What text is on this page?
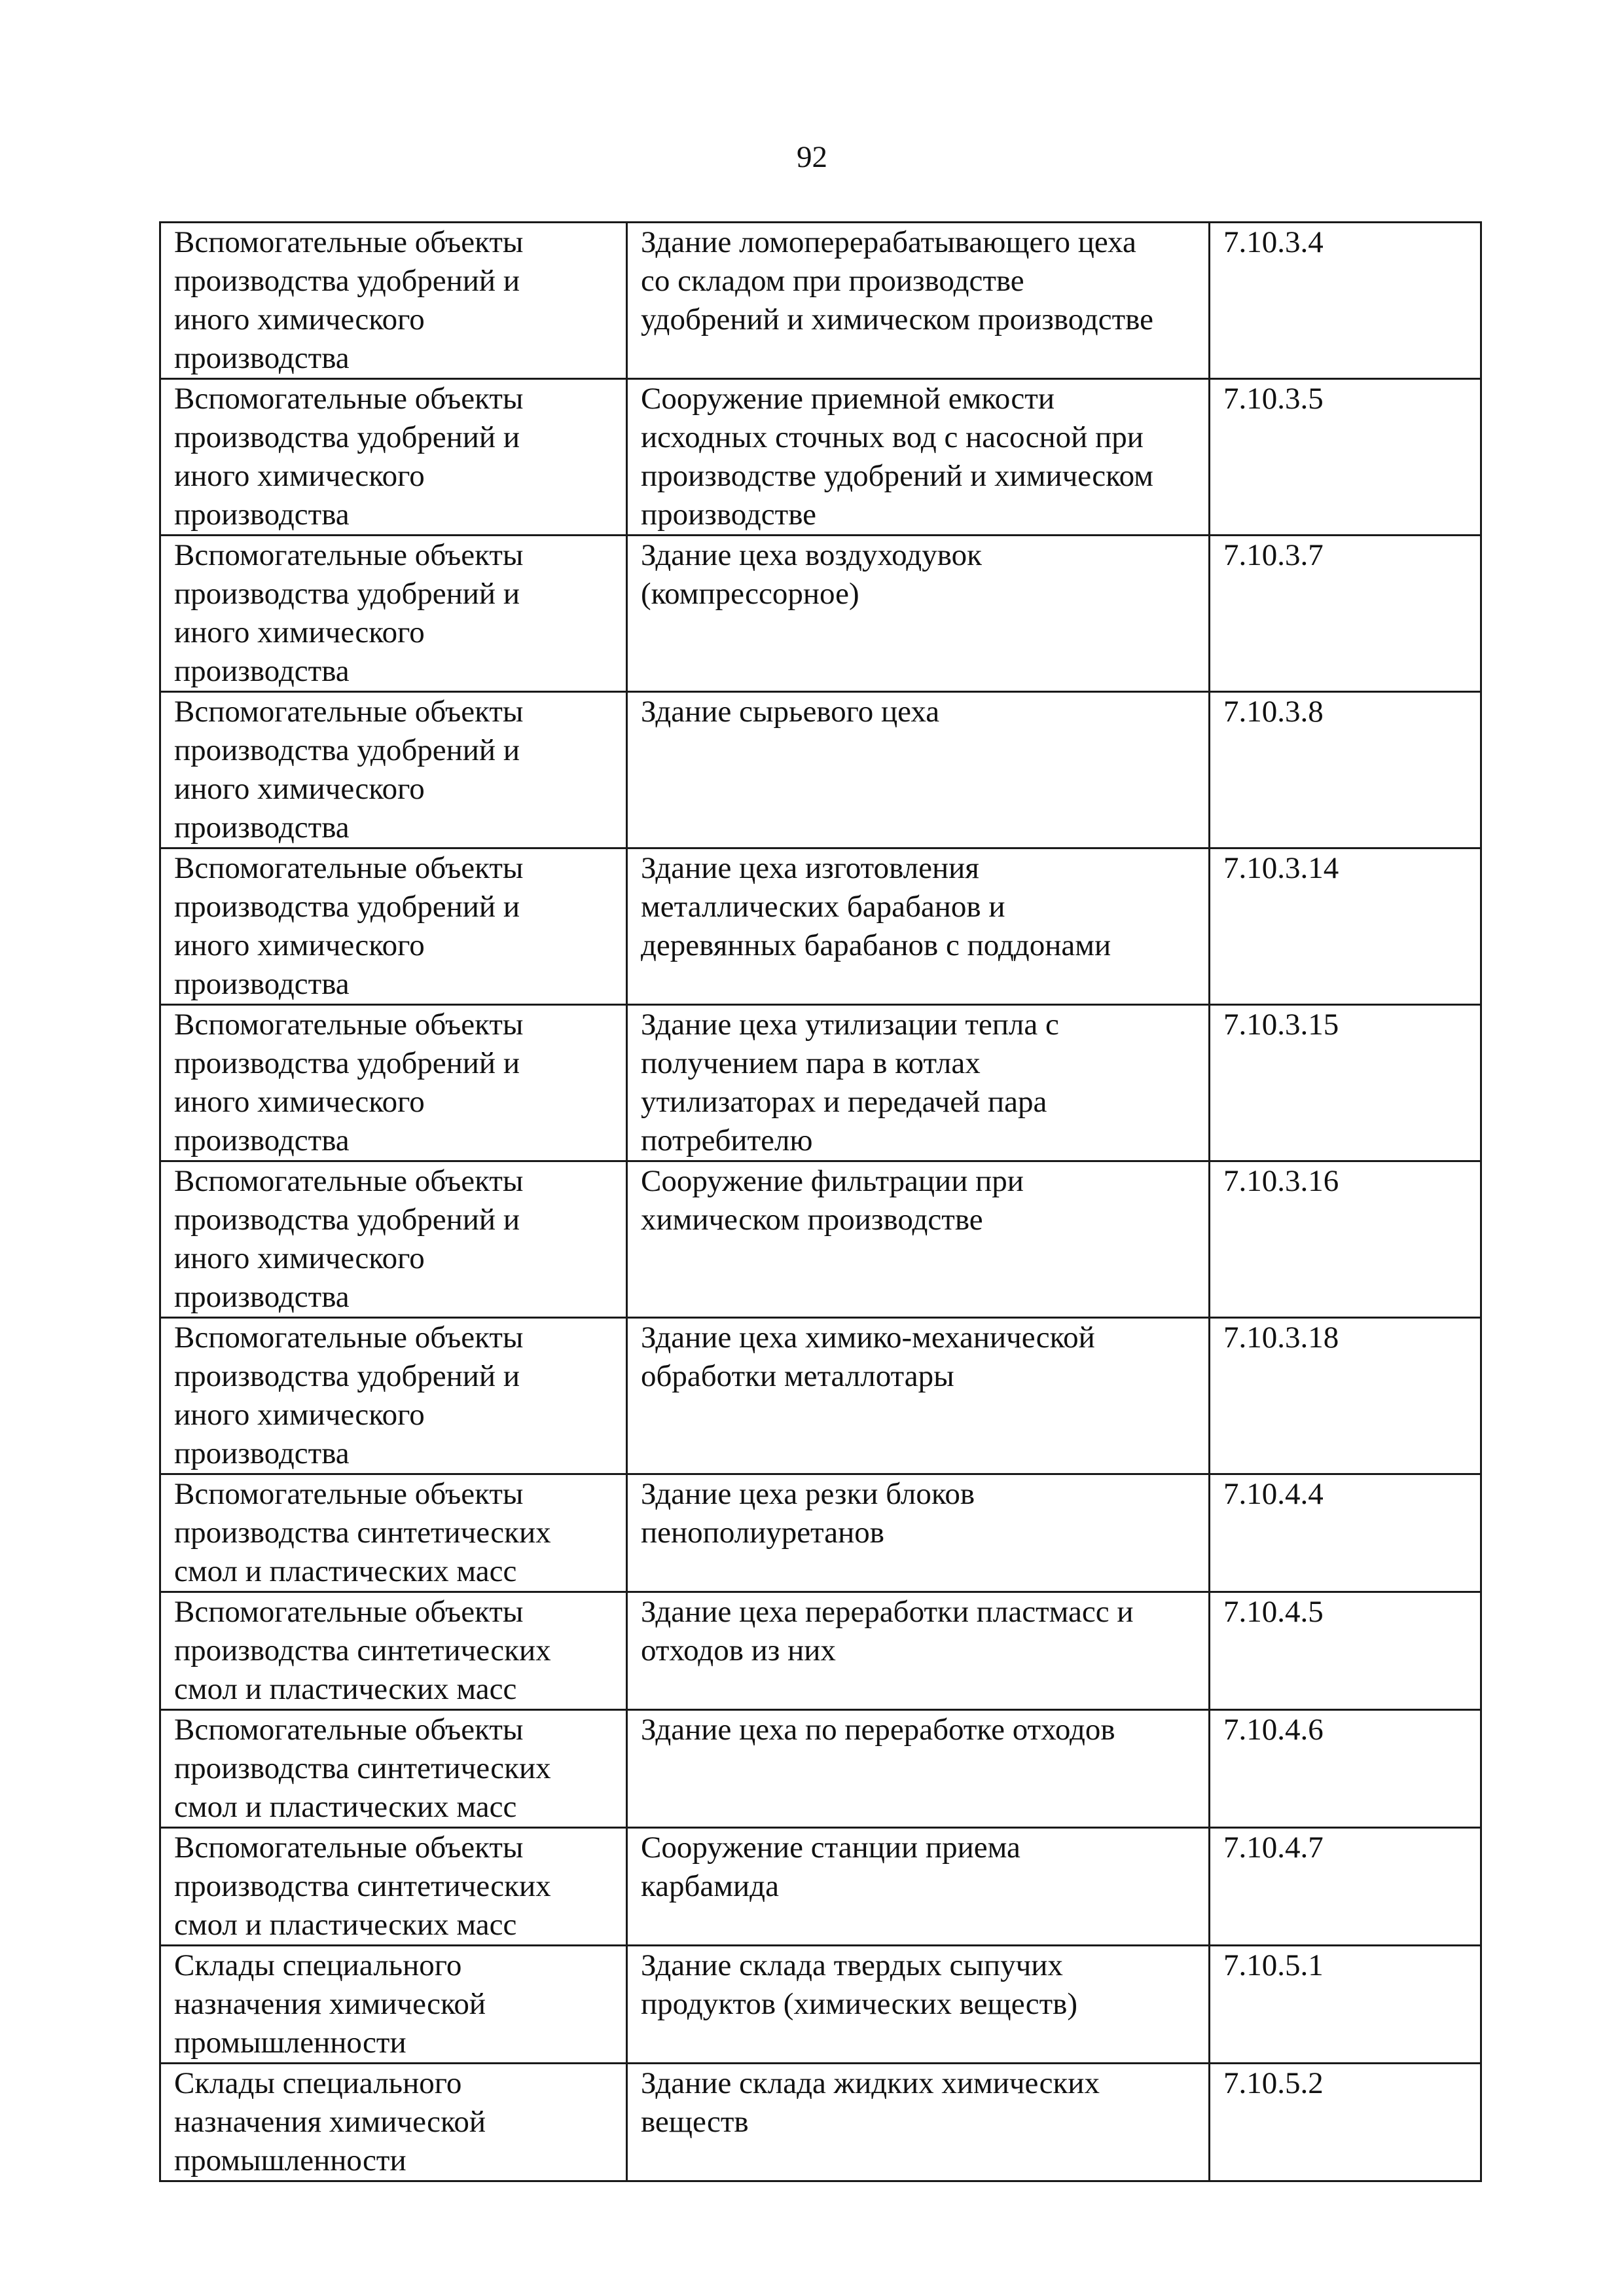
92
Вспомогательные объекты
производства удобрений и
иного химического
производства	Здание ломоперерабатывающего цеха
со складом при производстве
удобрений и химическом производстве	7.10.3.4
Вспомогательные объекты
производства удобрений и
иного химического
производства	Сооружение приемной емкости
исходных сточных вод с насосной при
производстве удобрений и химическом
производстве	7.10.3.5
Вспомогательные объекты
производства удобрений и
иного химического
производства	Здание цеха воздуходувок
(компрессорное)	7.10.3.7
Вспомогательные объекты
производства удобрений и
иного химического
производства	Здание сырьевого цеха	7.10.3.8
Вспомогательные объекты
производства удобрений и
иного химического
производства	Здание цеха изготовления
металлических барабанов и
деревянных барабанов с поддонами	7.10.3.14
Вспомогательные объекты
производства удобрений и
иного химического
производства	Здание цеха утилизации тепла с
получением пара в котлах
утилизаторах и передачей пара
потребителю	7.10.3.15
Вспомогательные объекты
производства удобрений и
иного химического
производства	Сооружение фильтрации при
химическом производстве	7.10.3.16
Вспомогательные объекты
производства удобрений и
иного химического
производства	Здание цеха химико-механической
обработки металлотары	7.10.3.18
Вспомогательные объекты
производства синтетических
смол и пластических масс	Здание цеха резки блоков
пенополиуретанов	7.10.4.4
Вспомогательные объекты
производства синтетических
смол и пластических масс	Здание цеха переработки пластмасс и
отходов из них	7.10.4.5
Вспомогательные объекты
производства синтетических
смол и пластических масс	Здание цеха по переработке отходов	7.10.4.6
Вспомогательные объекты
производства синтетических
смол и пластических масс	Сооружение станции приема
карбамида	7.10.4.7
Склады специального
назначения химической
промышленности	Здание склада твердых сыпучих
продуктов (химических веществ)	7.10.5.1
Склады специального
назначения химической
промышленности	Здание склада жидких химических
веществ	7.10.5.2
